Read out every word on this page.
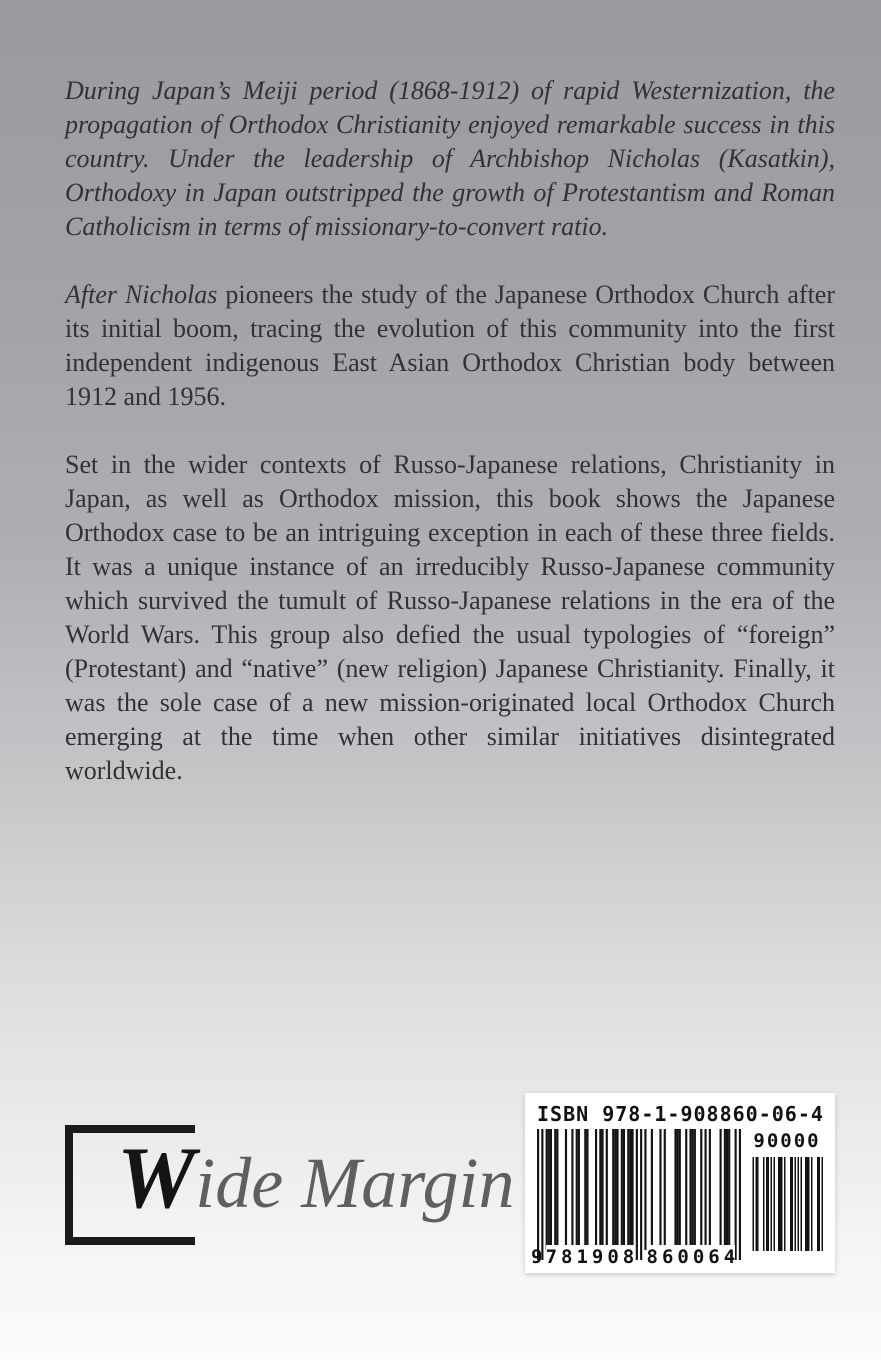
During Japan’s Meiji period (1868-1912) of rapid Westernization, the propagation of Orthodox Christianity enjoyed remarkable success in this country. Under the leadership of Archbishop Nicholas (Kasatkin), Orthodoxy in Japan outstripped the growth of Protestantism and Roman Catholicism in terms of missionary-to-convert ratio.

After Nicholas pioneers the study of the Japanese Orthodox Church after its initial boom, tracing the evolution of this community into the first independent indigenous East Asian Orthodox Christian body between 1912 and 1956.

Set in the wider contexts of Russo-Japanese relations, Christianity in Japan, as well as Orthodox mission, this book shows the Japanese Orthodox case to be an intriguing exception in each of these three fields. It was a unique instance of an irreducibly Russo-Japanese community which survived the tumult of Russo-Japanese relations in the era of the World Wars. This group also defied the usual typologies of “foreign” (Protestant) and “native” (new religion) Japanese Christianity. Finally, it was the sole case of a new mission-originated local Orthodox Church emerging at the time when other similar initiatives disintegrated worldwide.

Wide Margin
ISBN 978-1-908860-06-4
9 781908 860064
90000
